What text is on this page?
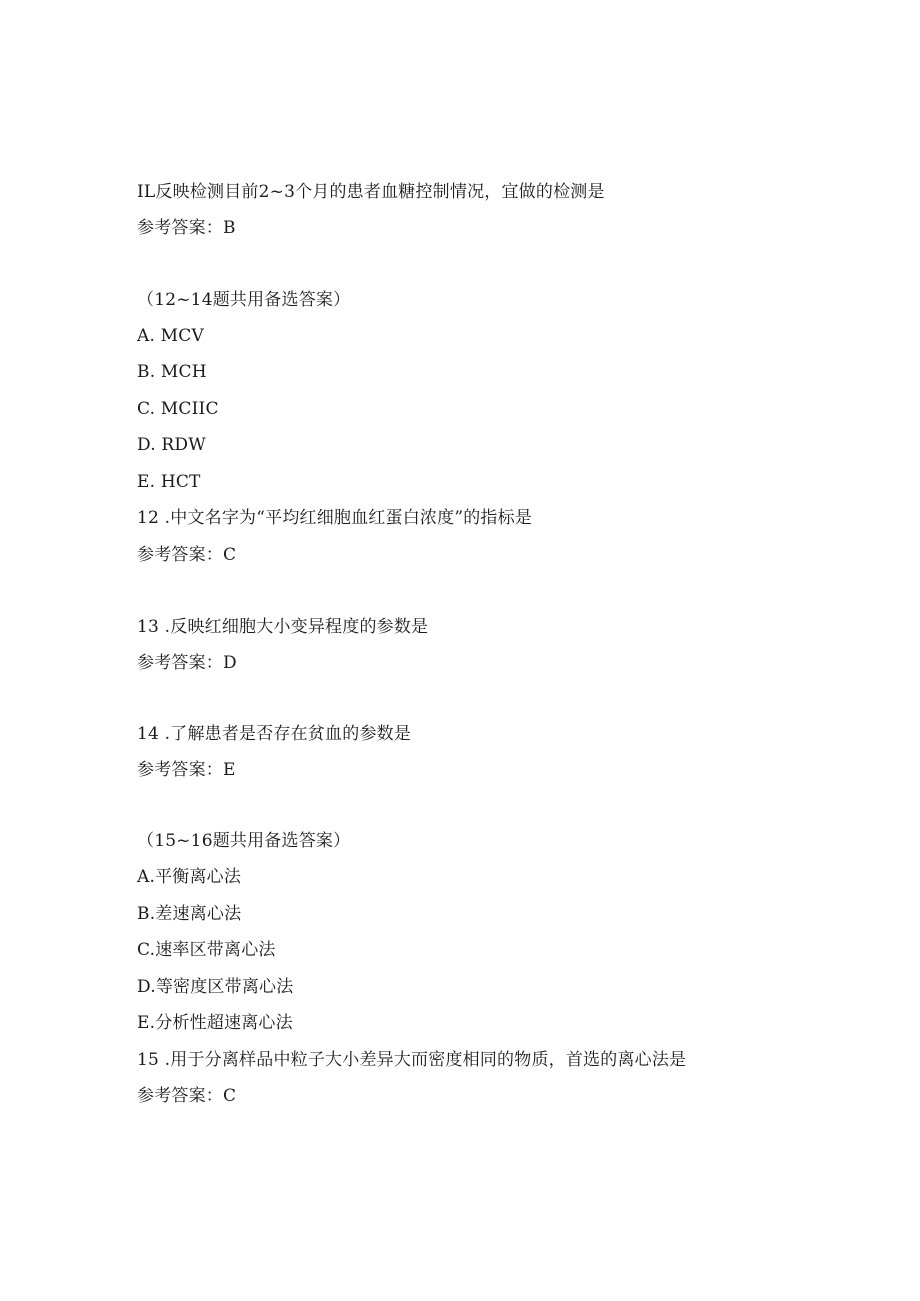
IL反映检测目前2~3个月的患者血糖控制情况，宜做的检测是
参考答案：B
（12~14题共用备选答案）
A. MCV
B. MCH
C. MCIIC
D. RDW
E. HCT
12 .中文名字为“平均红细胞血红蛋白浓度”的指标是
参考答案：C
13 .反映红细胞大小变异程度的参数是
参考答案：D
14 .了解患者是否存在贫血的参数是
参考答案：E
（15~16题共用备选答案）
A.平衡离心法
B.差速离心法
C.速率区带离心法
D.等密度区带离心法
E.分析性超速离心法
15 .用于分离样品中粒子大小差异大而密度相同的物质，首选的离心法是
参考答案：C
